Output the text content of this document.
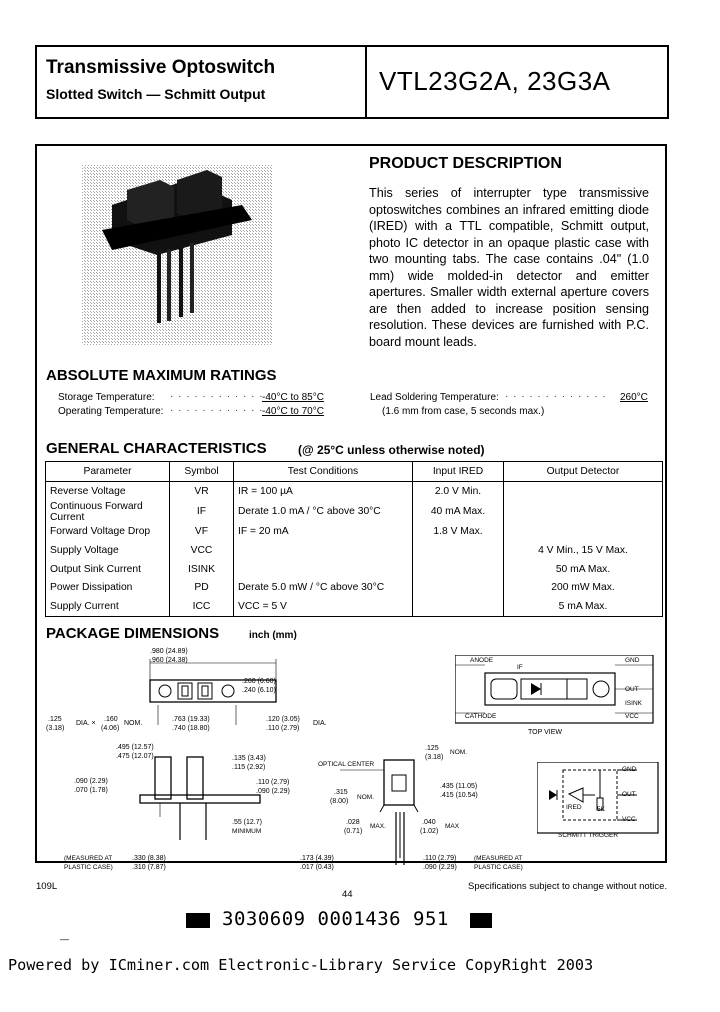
Transmissive Optoswitch
Slotted Switch — Schmitt Output	VTL23G2A, 23G3A
PRODUCT DESCRIPTION
This series of interrupter type transmissive optoswitches combines an infrared emitting diode (IRED) with a TTL compatible, Schmitt output, photo IC detector in an opaque plastic case with two mounting tabs. The case contains .04" (1.0 mm) wide molded-in detector and emitter apertures. Smaller width external aperture covers are then added to increase position sensing resolution. These devices are furnished with P.C. board mount leads.
ABSOLUTE MAXIMUM RATINGS
Storage Temperature: · · · · · · · · · · · · ·
-40°C to 85°C
Operating Temperature: · · · · · · · · · · · ·
-40°C to 70°C
Lead Soldering Temperature: · · · · · · · · · · · · · 260°C
(1.6 mm from case, 5 seconds max.)
GENERAL CHARACTERISTICS	(@ 25°C unless otherwise noted)
Parameter	Symbol	Test Conditions	Input IRED	Output Detector
Reverse Voltage	VR	IR = 100 µA	2.0 V Min.	
Continuous Forward Current	IF	Derate 1.0 mA / °C above 30°C	40 mA Max.	
Forward Voltage Drop	VF	IF = 20 mA	1.8 V Max.	
Supply Voltage	VCC			4 V Min., 15 V Max.
Output Sink Current	ISINK			50 mA Max.
Power Dissipation	PD	Derate 5.0 mW / °C above 30°C		200 mW Max.
Supply Current	ICC	VCC = 5 V		5 mA Max.
PACKAGE DIMENSIONS	inch (mm)
.980 (24.89)
.960 (24.38)
.260 (6.60)
.240 (6.10)
.125
(3.18)
DIA. ×
.160
(4.06)
NOM.
.763 (19.33)
.740 (18.80)
.120 (3.05)
.110 (2.79)
DIA.
.495 (12.57)
.475 (12.07)	.135 (3.43)
.115 (2.92)
.090 (2.29)
.070 (1.78)
.110 (2.79)
.090 (2.29)
.55 (12.7)
MINIMUM
(MEASURED AT
PLASTIC CASE)
.330 (8.38)
.310 (7.87)
OPTICAL CENTER
.125
(3.18)
NOM.
.315
(8.00)
NOM.
.028
(0.71)
MAX.
.435 (11.05)
.415 (10.54)
.040
(1.02)
MAX
.173 (4.39)
.017 (0.43)
.110 (2.79)
.090 (2.29)
(MEASURED AT
PLASTIC CASE)
ANODE	GND
IF
OUT
ISINK
CATHODE	VCC
TOP VIEW
GND
OUT
VCC
5K
IRED
SCHMITT TRIGGER
109L
44
Specifications subject to change without notice.
3030609 0001436 951
—
Powered by ICminer.com Electronic-Library Service CopyRight 2003
